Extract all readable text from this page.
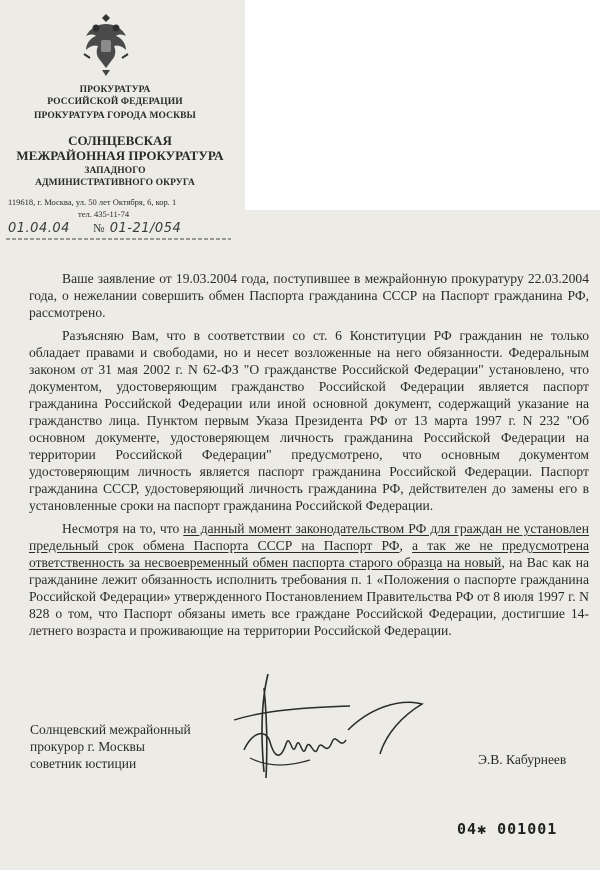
ПРОКУРАТУРА
РОССИЙСКОЙ ФЕДЕРАЦИИ
ПРОКУРАТУРА ГОРОДА МОСКВЫ
СОЛНЦЕВСКАЯ
МЕЖРАЙОННАЯ ПРОКУРАТУРА
ЗАПАДНОГО
АДМИНИСТРАТИВНОГО ОКРУГА
119618, г. Москва, ул. 50 лет Октября, 6, кор. 1
тел. 435-11-74
01.04.04 № 01-21/054

Ваше заявление от 19.03.2004 года, поступившее в межрайонную прокуратуру 22.03.2004 года, о нежелании совершить обмен Паспорта гражданина СССР на Паспорт гражданина РФ, рассмотрено.

Разъясняю Вам, что в соответствии со ст. 6 Конституции РФ гражданин не только обладает правами и свободами, но и несет возложенные на него обязанности. Федеральным законом от 31 мая 2002 г. N 62-ФЗ "О гражданстве Российской Федерации" установлено, что документом, удостоверяющим гражданство Российской Федерации является паспорт гражданина Российской Федерации или иной основной документ, содержащий указание на гражданство лица. Пунктом первым Указа Президента РФ от 13 марта 1997 г. N 232 "Об основном документе, удостоверяющем личность гражданина Российской Федерации на территории Российской Федерации" предусмотрено, что основным документом удостоверяющим личность является паспорт гражданина Российской Федерации. Паспорт гражданина СССР, удостоверяющий личность гражданина РФ, действителен до замены его в установленные сроки на паспорт гражданина Российской Федерации.

Несмотря на то, что на данный момент законодательством РФ для граждан не установлен предельный срок обмена Паспорта СССР на Паспорт РФ, а так же не предусмотрена ответственность за несвоевременный обмен паспорта старого образца на новый, на Вас как на гражданине лежит обязанность исполнить требования п. 1 «Положения о паспорте гражданина Российской Федерации» утвержденного Постановлением Правительства РФ от 8 июля 1997 г. N 828 о том, что Паспорт обязаны иметь все граждане Российской Федерации, достигшие 14-летнего возраста и проживающие на территории Российской Федерации.

Солнцевский межрайонный
прокурор г. Москвы
советник юстиции	Э.В. Кабурнеев
04✱ 001001
